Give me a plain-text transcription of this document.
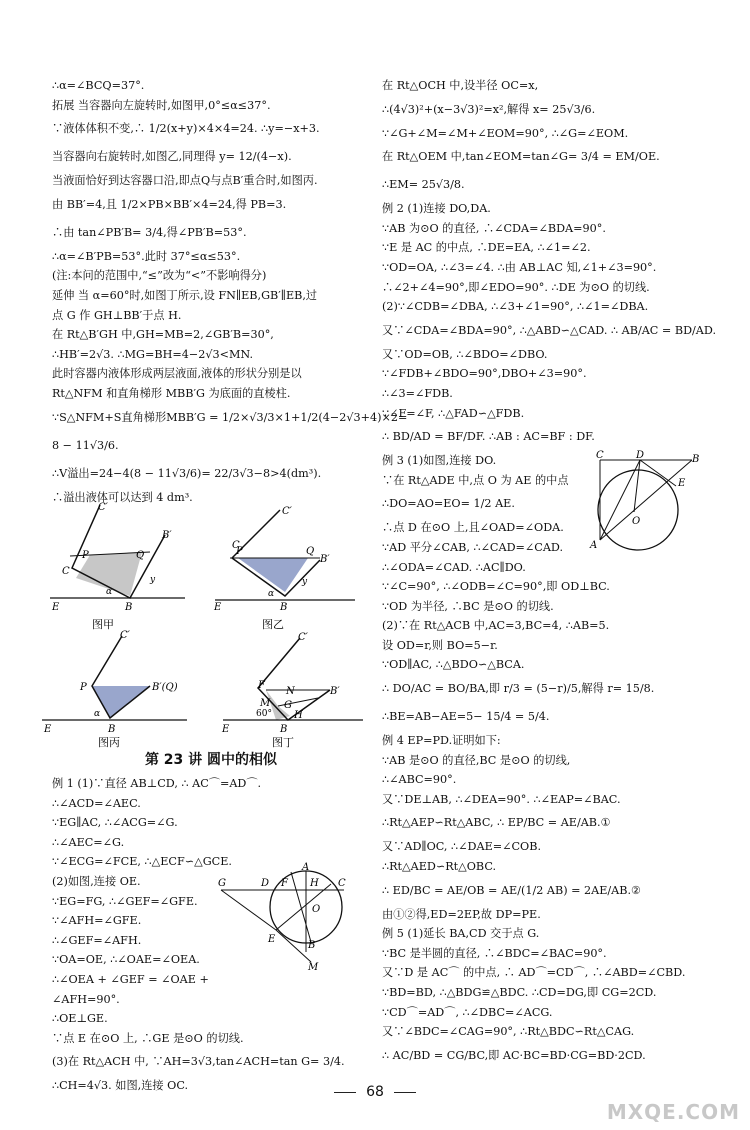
∴α=∠BCQ=37°.
拓展 当容器向左旋转时,如图甲,0°≤α≤37°.
∵液体体积不变,∴ 1/2(x+y)×4×4=24. ∴y=−x+3.
当容器向右旋转时,如图乙,同理得 y= 12/(4−x).
当液面恰好到达容器口沿,即点Q与点B′重合时,如图丙.
由 BB′=4,且 1/2×PB×BB′×4=24,得 PB=3.
∴由 tan∠PB′B= 3/4,得∠PB′B=53°.
∴α=∠B′PB=53°.此时 37°≤α≤53°.
(注:本问的范围中,“≤”改为“<”不影响得分)
延伸 当 α=60°时,如图丁所示,设 FN∥EB,GB′∥EB,过
点 G 作 GH⊥BB′于点 H.
在 Rt△B′GH 中,GH=MB=2,∠GB′B=30°,
∴HB′=2√3. ∴MG=BH=4−2√3<MN.
此时容器内液体形成两层液面,液体的形状分别是以
Rt△NFM 和直角梯形 MBB′G 为底面的直棱柱.
∵S△NFM+S直角梯形MBB′G = 1/2×√3/3×1+1/2(4−2√3+4)×2=
8 − 11√3/6.
∴V溢出=24−4(8 − 11√3/6)= 22/3√3−8>4(dm³).
∴溢出液体可以达到 4 dm³.
C′
B′
P	Q
C
α
y
E	B
图甲
C′
B′
P	Q
C
y
α
E	B
图乙
C′
B′(Q)
P
α
E	B
图丙
C′
B′
F
N
G
M
H
60°
E	B
图丁
第 23 讲 圆中的相似
例 1 (1)∵直径 AB⊥CD, ∴ AC⌒=AD⌒.
∴∠ACD=∠AEC.
∵EG∥AC, ∴∠ACG=∠G.
∴∠AEC=∠G.
∵∠ECG=∠FCE, ∴△ECF∽△GCE.
(2)如图,连接 OE.
∵EG=FG, ∴∠GEF=∠GFE.
∵∠AFH=∠GFE.
∴∠GEF=∠AFH.
∵OA=OE, ∴∠OAE=∠OEA.
∴∠OEA + ∠GEF = ∠OAE +
∠AFH=90°.
∴OE⊥GE.
∵点 E 在⊙O 上, ∴GE 是⊙O 的切线.
(3)在 Rt△ACH 中, ∵AH=3√3,tan∠ACH=tan G= 3/4.
∴CH=4√3. 如图,连接 OC.
G	D F
A
H C
O
E
B
M
在 Rt△OCH 中,设半径 OC=x,
∴(4√3)²+(x−3√3)²=x²,解得 x= 25√3/6.
∵∠G+∠M=∠M+∠EOM=90°, ∴∠G=∠EOM.
在 Rt△OEM 中,tan∠EOM=tan∠G= 3/4 = EM/OE.
∴EM= 25√3/8.
例 2 (1)连接 DO,DA.
∵AB 为⊙O 的直径, ∴∠CDA=∠BDA=90°.
∵E 是 AC 的中点, ∴DE=EA, ∴∠1=∠2.
∵OD=OA, ∴∠3=∠4. ∴由 AB⊥AC 知,∠1+∠3=90°.
∴∠2+∠4=90°,即∠EDO=90°. ∴DE 为⊙O 的切线.
(2)∵∠CDB=∠DBA, ∴∠3+∠1=90°, ∴∠1=∠DBA.
又∵∠CDA=∠BDA=90°, ∴△ABD∽△CAD. ∴ AB/AC = BD/AD.
又∵OD=OB, ∴∠BDO=∠DBO.
∵∠FDB+∠BDO=90°,DBO+∠3=90°.
∴∠3=∠FDB.
∵∠F=∠F, ∴△FAD∽△FDB.
∴ BD/AD = BF/DF. ∴AB : AC=BF : DF.
例 3 (1)如图,连接 DO.
∵在 Rt△ADE 中,点 O 为 AE 的中点
∴DO=AO=EO= 1/2 AE.
∴点 D 在⊙O 上,且∠OAD=∠ODA.
∵AD 平分∠CAB, ∴∠CAD=∠CAD.
∴∠ODA=∠CAD. ∴AC∥DO.
∵∠C=90°, ∴∠ODB=∠C=90°,即 OD⊥BC.
∵OD 为半径, ∴BC 是⊙O 的切线.
(2)∵在 Rt△ACB 中,AC=3,BC=4, ∴AB=5.
设 OD=r,则 BO=5−r.
∵OD∥AC, ∴△BDO∽△BCA.
∴ DO/AC = BO/BA,即 r/3 = (5−r)/5,解得 r= 15/8.
∴BE=AB−AE=5− 15/4 = 5/4.
例 4 EP=PD.证明如下:
∵AB 是⊙O 的直径,BC 是⊙O 的切线,
∴∠ABC=90°.
又∵DE⊥AB, ∴∠DEA=90°. ∴∠EAP=∠BAC.
∴Rt△AEP∽Rt△ABC, ∴ EP/BC = AE/AB.①
又∵AD∥OC, ∴∠DAE=∠COB.
∴Rt△AED∽Rt△OBC.
∴ ED/BC = AE/OB = AE/(1/2 AB) = 2AE/AB.②
由①②得,ED=2EP,故 DP=PE.
例 5 (1)延长 BA,CD 交于点 G.
∵BC 是半圆的直径, ∴∠BDC=∠BAC=90°.
又∵D 是 AC⌒ 的中点, ∴ AD⌒=CD⌒, ∴∠ABD=∠CBD.
∵BD=BD, ∴△BDG≌△BDC. ∴CD=DG,即 CG=2CD.
∵CD⌒=AD⌒, ∴∠DBC=∠ACG.
又∵∠BDC=∠CAG=90°, ∴Rt△BDC∽Rt△CAG.
∴ AC/BD = CG/BC,即 AC·BC=BD·CG=BD·2CD.
C	D	B
E
O
A
68
MXQE.COM
